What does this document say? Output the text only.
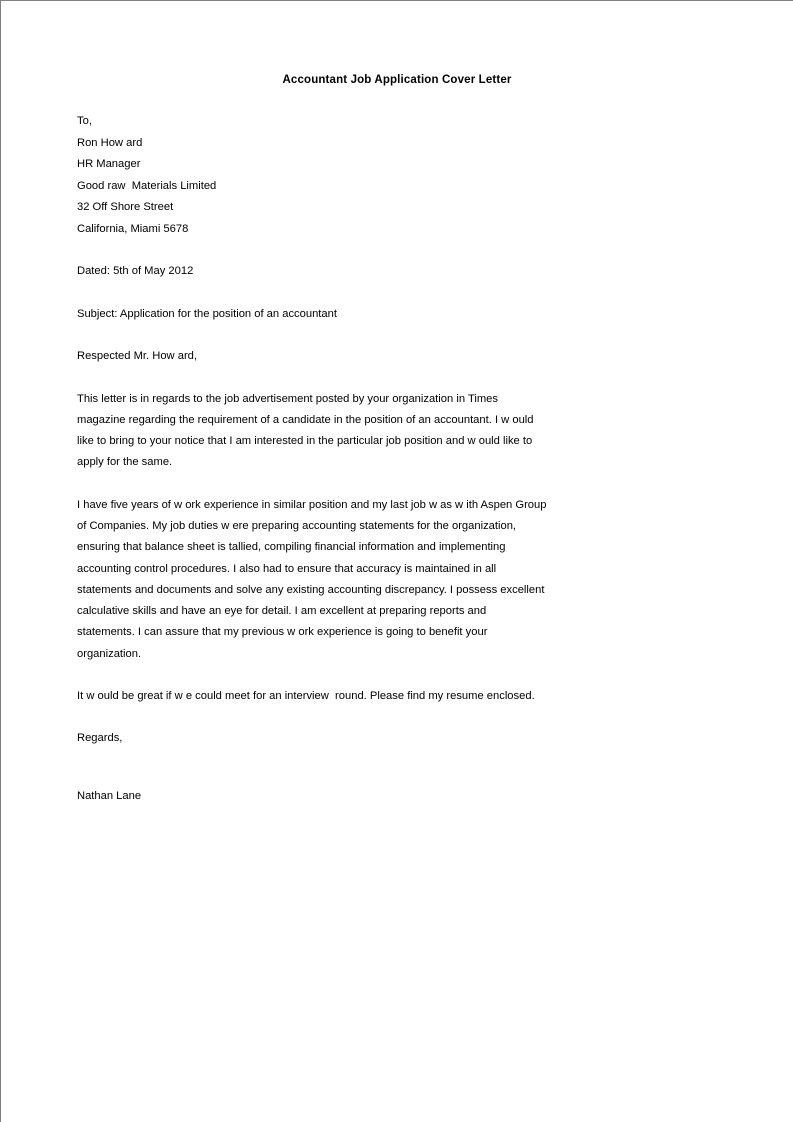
Accountant Job Application Cover Letter
To,
Ron How ard
HR Manager
Good raw  Materials Limited
32 Off Shore Street
California, Miami 5678
Dated: 5th of May 2012
Subject: Application for the position of an accountant
Respected Mr. How ard,

This letter is in regards to the job advertisement posted by your organization in Times magazine regarding the requirement of a candidate in the position of an accountant. I w ould like to bring to your notice that I am interested in the particular job position and w ould like to apply for the same.

I have five years of w ork experience in similar position and my last job w as w ith Aspen Group of Companies. My job duties w ere preparing accounting statements for the organization, ensuring that balance sheet is tallied, compiling financial information and implementing accounting control procedures. I also had to ensure that accuracy is maintained in all statements and documents and solve any existing accounting discrepancy. I possess excellent calculative skills and have an eye for detail. I am excellent at preparing reports and statements. I can assure that my previous w ork experience is going to benefit your organization.

It w ould be great if w e could meet for an interview  round. Please find my resume enclosed.

Regards,
Nathan Lane
